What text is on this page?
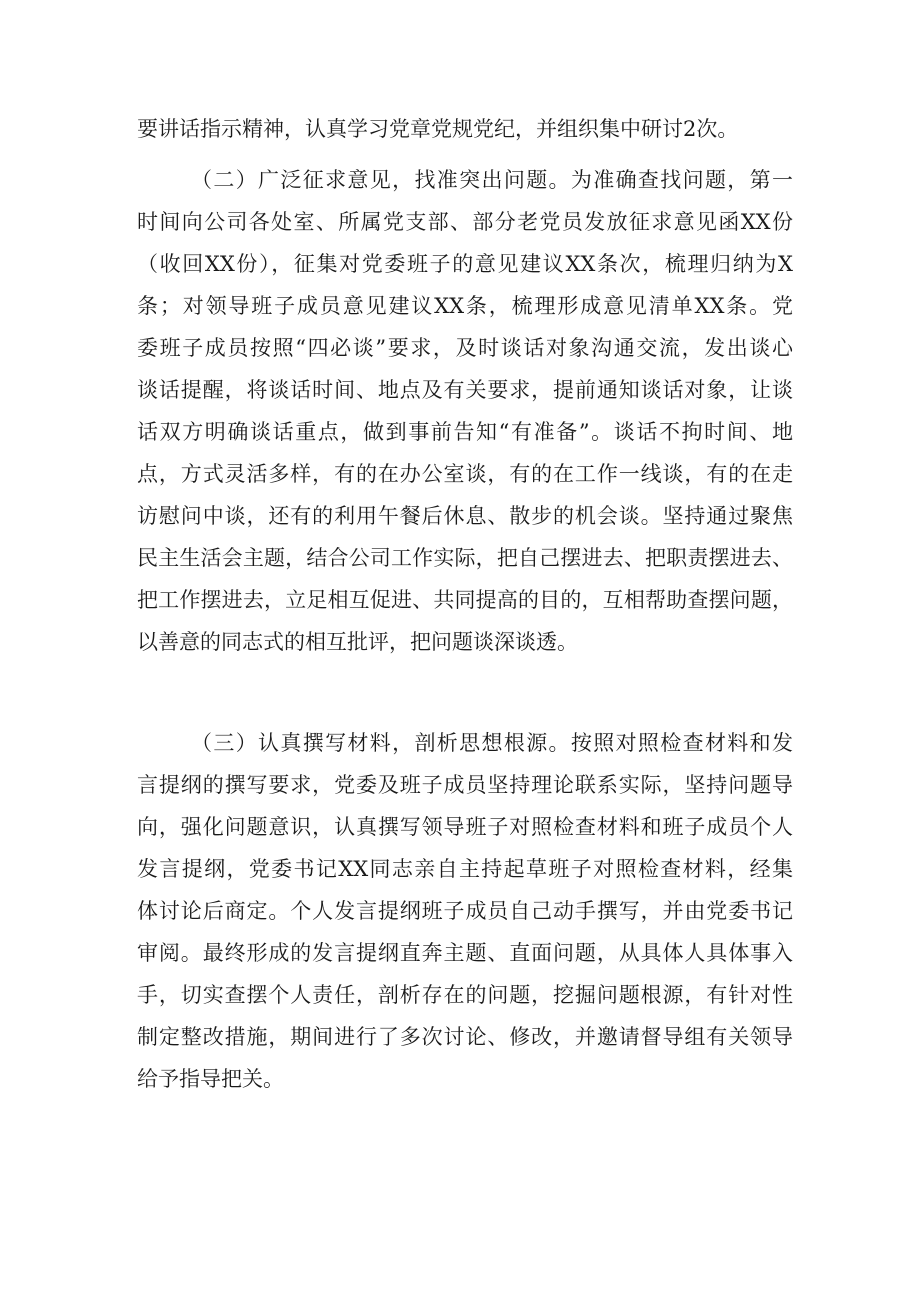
要讲话指示精神，认真学习党章党规党纪，并组织集中研讨2次。
（二）广泛征求意见，找准突出问题。为准确查找问题，第一
时间向公司各处室、所属党支部、部分老党员发放征求意见函XX份
（收回XX份），征集对党委班子的意见建议XX条次，梳理归纳为X
条；对领导班子成员意见建议XX条，梳理形成意见清单XX条。党
委班子成员按照“四必谈”要求，及时谈话对象沟通交流，发出谈心
谈话提醒，将谈话时间、地点及有关要求，提前通知谈话对象，让谈
话双方明确谈话重点，做到事前告知“有准备”。谈话不拘时间、地
点，方式灵活多样，有的在办公室谈，有的在工作一线谈，有的在走
访慰问中谈，还有的利用午餐后休息、散步的机会谈。坚持通过聚焦
民主生活会主题，结合公司工作实际，把自己摆进去、把职责摆进去、
把工作摆进去，立足相互促进、共同提高的目的，互相帮助查摆问题，
以善意的同志式的相互批评，把问题谈深谈透。
（三）认真撰写材料，剖析思想根源。按照对照检查材料和发
言提纲的撰写要求，党委及班子成员坚持理论联系实际，坚持问题导
向，强化问题意识，认真撰写领导班子对照检查材料和班子成员个人
发言提纲，党委书记XX同志亲自主持起草班子对照检查材料，经集
体讨论后商定。个人发言提纲班子成员自己动手撰写，并由党委书记
审阅。最终形成的发言提纲直奔主题、直面问题，从具体人具体事入
手，切实查摆个人责任，剖析存在的问题，挖掘问题根源，有针对性
制定整改措施，期间进行了多次讨论、修改，并邀请督导组有关领导
给予指导把关。
